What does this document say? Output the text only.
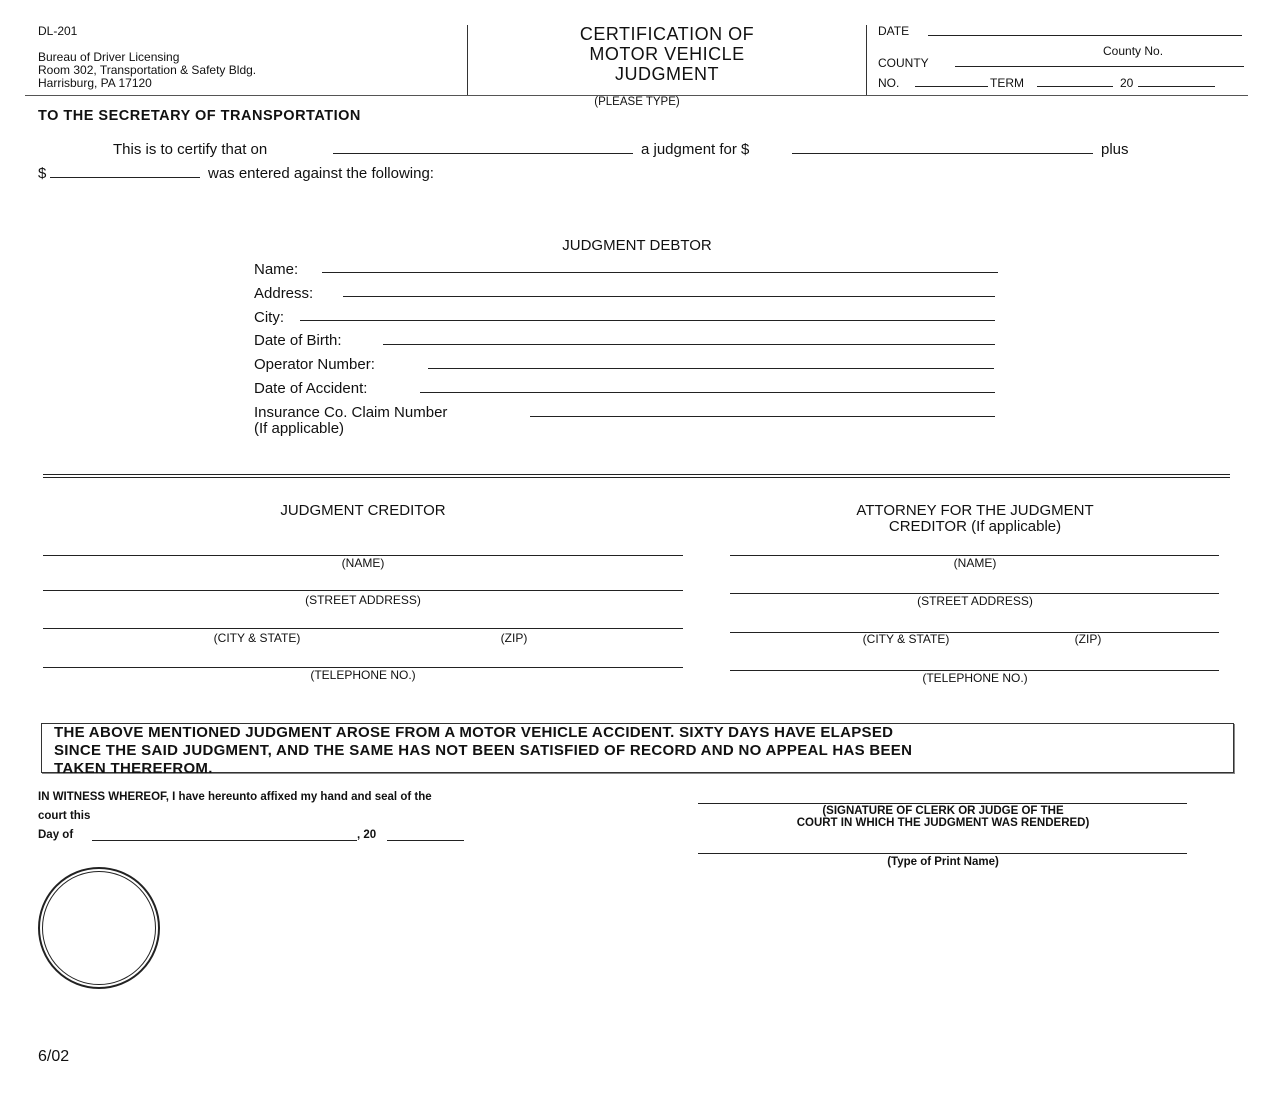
DL-201
Bureau of Driver Licensing
Room 302, Transportation & Safety Bldg.
Harrisburg, PA 17120
CERTIFICATION OF
MOTOR VEHICLE
JUDGMENT
DATE
County No.
COUNTY
NO.	TERM	20
(PLEASE TYPE)
TO THE SECRETARY OF TRANSPORTATION
This is to certify that on	a judgment for $	plus
$	was entered against the following:
JUDGMENT DEBTOR
Name:
Address:
City:
Date of Birth:
Operator Number:
Date of Accident:
Insurance Co. Claim Number
(If applicable)
JUDGMENT CREDITOR
(NAME)
(STREET ADDRESS)
(CITY & STATE)	(ZIP)
(TELEPHONE NO.)
ATTORNEY FOR THE JUDGMENT
CREDITOR (If applicable)
(NAME)
(STREET ADDRESS)
(CITY & STATE)	(ZIP)
(TELEPHONE NO.)
THE ABOVE MENTIONED JUDGMENT AROSE FROM A MOTOR VEHICLE ACCIDENT. SIXTY DAYS HAVE ELAPSED
SINCE THE SAID JUDGMENT, AND THE SAME HAS NOT BEEN SATISFIED OF RECORD AND NO APPEAL HAS BEEN
TAKEN THEREFROM.
IN WITNESS WHEREOF, I have hereunto affixed my hand and seal of the
court this
Day of	, 20
(SIGNATURE OF CLERK OR JUDGE OF THE
COURT IN WHICH THE JUDGMENT WAS RENDERED)
(Type of Print Name)
6/02
